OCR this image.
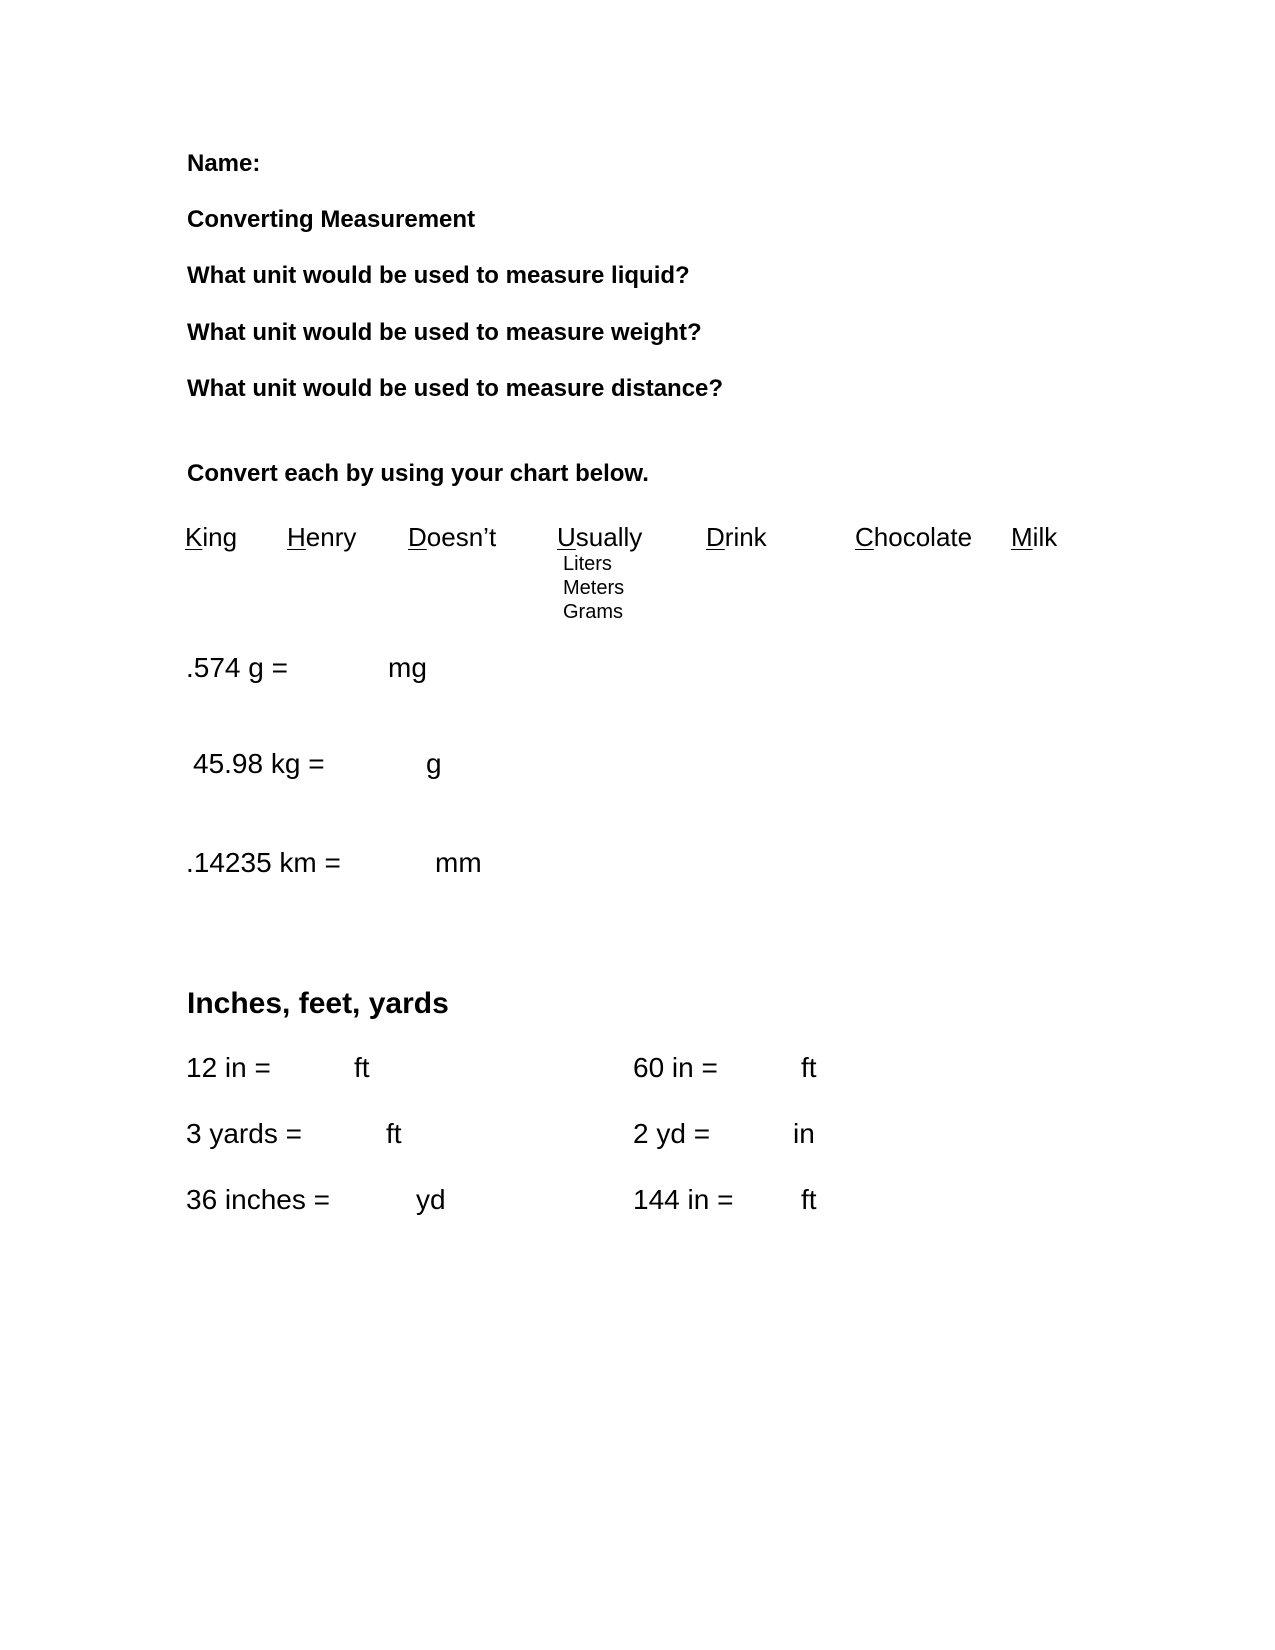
Name:
Converting Measurement
What unit would be used to measure liquid?
What unit would be used to measure weight?
What unit would be used to measure distance?
Convert each by using your chart below.
King Henry Doesn’t Usually Drink	Chocolate Milk
Liters
Meters
Grams
.574 g =	mg
45.98 kg =	g
.14235 km =	mm
Inches, feet, yards
12 in =	ft	60 in =	ft
3 yards =	ft	2 yd =	in
36 inches =	yd	144 in = ft
